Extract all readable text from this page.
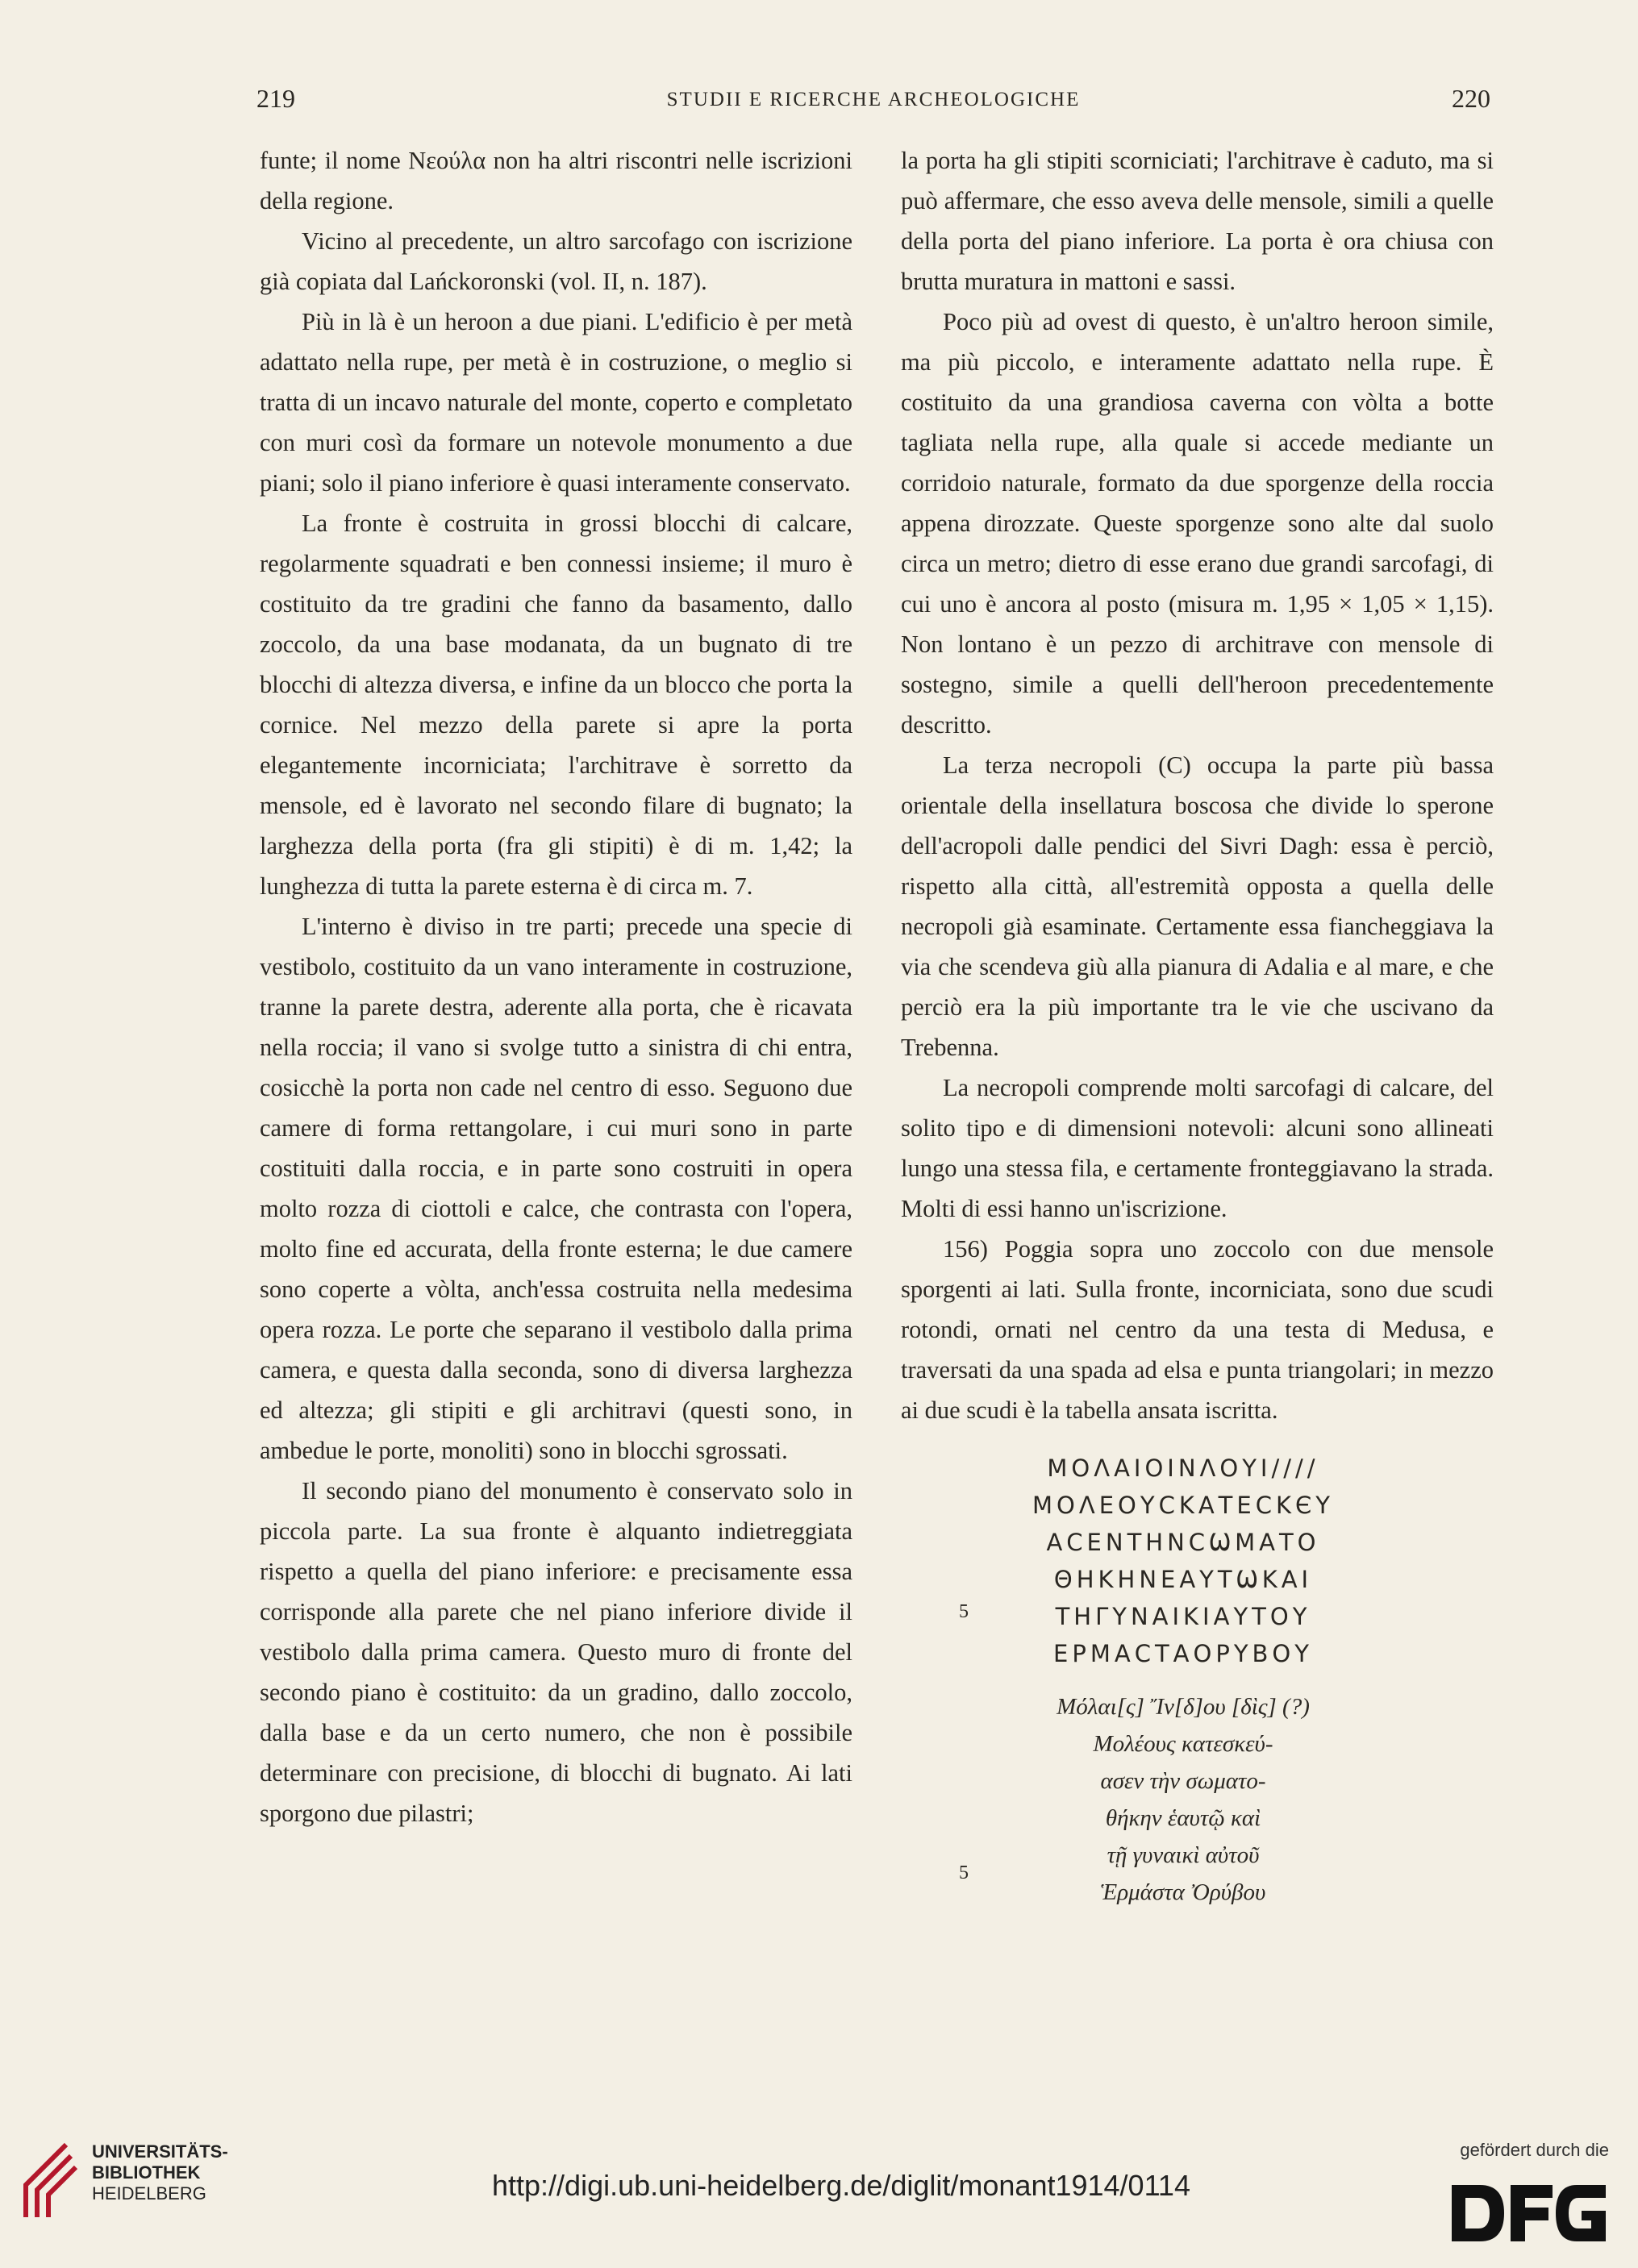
219	STUDII E RICERCHE ARCHEOLOGICHE	220

funte; il nome Νεούλα non ha altri riscontri nelle iscrizioni della regione.

Vicino al precedente, un altro sarcofago con iscrizione già copiata dal Lańckoronski (vol. II, n. 187).

Più in là è un heroon a due piani. L'edificio è per metà adattato nella rupe, per metà è in costruzione, o meglio si tratta di un incavo naturale del monte, coperto e completato con muri così da formare un notevole monumento a due piani; solo il piano inferiore è quasi interamente conservato.

La fronte è costruita in grossi blocchi di calcare, regolarmente squadrati e ben connessi insieme; il muro è costituito da tre gradini che fanno da basamento, dallo zoccolo, da una base modanata, da un bugnato di tre blocchi di altezza diversa, e infine da un blocco che porta la cornice. Nel mezzo della parete si apre la porta elegantemente incorniciata; l'architrave è sorretto da mensole, ed è lavorato nel secondo filare di bugnato; la larghezza della porta (fra gli stipiti) è di m. 1,42; la lunghezza di tutta la parete esterna è di circa m. 7.

L'interno è diviso in tre parti; precede una specie di vestibolo, costituito da un vano interamente in costruzione, tranne la parete destra, aderente alla porta, che è ricavata nella roccia; il vano si svolge tutto a sinistra di chi entra, cosicchè la porta non cade nel centro di esso. Seguono due camere di forma rettangolare, i cui muri sono in parte costituiti dalla roccia, e in parte sono costruiti in opera molto rozza di ciottoli e calce, che contrasta con l'opera, molto fine ed accurata, della fronte esterna; le due camere sono coperte a vòlta, anch'essa costruita nella medesima opera rozza. Le porte che separano il vestibolo dalla prima camera, e questa dalla seconda, sono di diversa larghezza ed altezza; gli stipiti e gli architravi (questi sono, in ambedue le porte, monoliti) sono in blocchi sgrossati.

Il secondo piano del monumento è conservato solo in piccola parte. La sua fronte è alquanto indietreggiata rispetto a quella del piano inferiore: e precisamente essa corrisponde alla parete che nel piano inferiore divide il vestibolo dalla prima camera. Questo muro di fronte del secondo piano è costituito: da un gradino, dallo zoccolo, dalla base e da un certo numero, che non è possibile determinare con precisione, di blocchi di bugnato. Ai lati sporgono due pilastri;

la porta ha gli stipiti scorniciati; l'architrave è caduto, ma si può affermare, che esso aveva delle mensole, simili a quelle della porta del piano inferiore. La porta è ora chiusa con brutta muratura in mattoni e sassi.

Poco più ad ovest di questo, è un'altro heroon simile, ma più piccolo, e interamente adattato nella rupe. È costituito da una grandiosa caverna con vòlta a botte tagliata nella rupe, alla quale si accede mediante un corridoio naturale, formato da due sporgenze della roccia appena dirozzate. Queste sporgenze sono alte dal suolo circa un metro; dietro di esse erano due grandi sarcofagi, di cui uno è ancora al posto (misura m. 1,95 × 1,05 × 1,15). Non lontano è un pezzo di architrave con mensole di sostegno, simile a quelli dell'heroon precedentemente descritto.

La terza necropoli (C) occupa la parte più bassa orientale della insellatura boscosa che divide lo sperone dell'acropoli dalle pendici del Sivri Dagh: essa è perciò, rispetto alla città, all'estremità opposta a quella delle necropoli già esaminate. Certamente essa fiancheggiava la via che scendeva giù alla pianura di Adalia e al mare, e che perciò era la più importante tra le vie che uscivano da Trebenna.

La necropoli comprende molti sarcofagi di calcare, del solito tipo e di dimensioni notevoli: alcuni sono allineati lungo una stessa fila, e certamente fronteggiavano la strada. Molti di essi hanno un'iscrizione.

156) Poggia sopra uno zoccolo con due mensole sporgenti ai lati. Sulla fronte, incorniciata, sono due scudi rotondi, ornati nel centro da una testa di Medusa, e traversati da una spada ad elsa e punta triangolari; in mezzo ai due scudi è la tabella ansata iscritta.

ΜΟΛΑΙΟΙΝΛΟΥΙ////
ΜΟΛΕΟΥϹΚΑΤΕϹΚЄΥ
ΑϹΕΝΤΗΝϹѠΜΑΤΟ
ΘΗΚΗΝΕΑΥΤѠΚΑΙ
ΤΗΓΥΝΑΙΚΙΑΥΤΟΥ
ΕΡΜΑϹΤΑΟΡΥΒΟΥ
5
Μόλαι[ς] Ἴν[δ]ου [δὶς] (?)
Μολέους κατεσκεύ-
ασεν τὴν σωματο-
θήκην ἑαυτῷ καὶ
τῇ γυναικὶ αὐτοῦ
Ἑρμάστα Ὀρύβου
5
UNIVERSITÄTS-
BIBLIOTHEK
HEIDELBERG	http://digi.ub.uni-heidelberg.de/diglit/monant1914/0114
gefördert durch die
